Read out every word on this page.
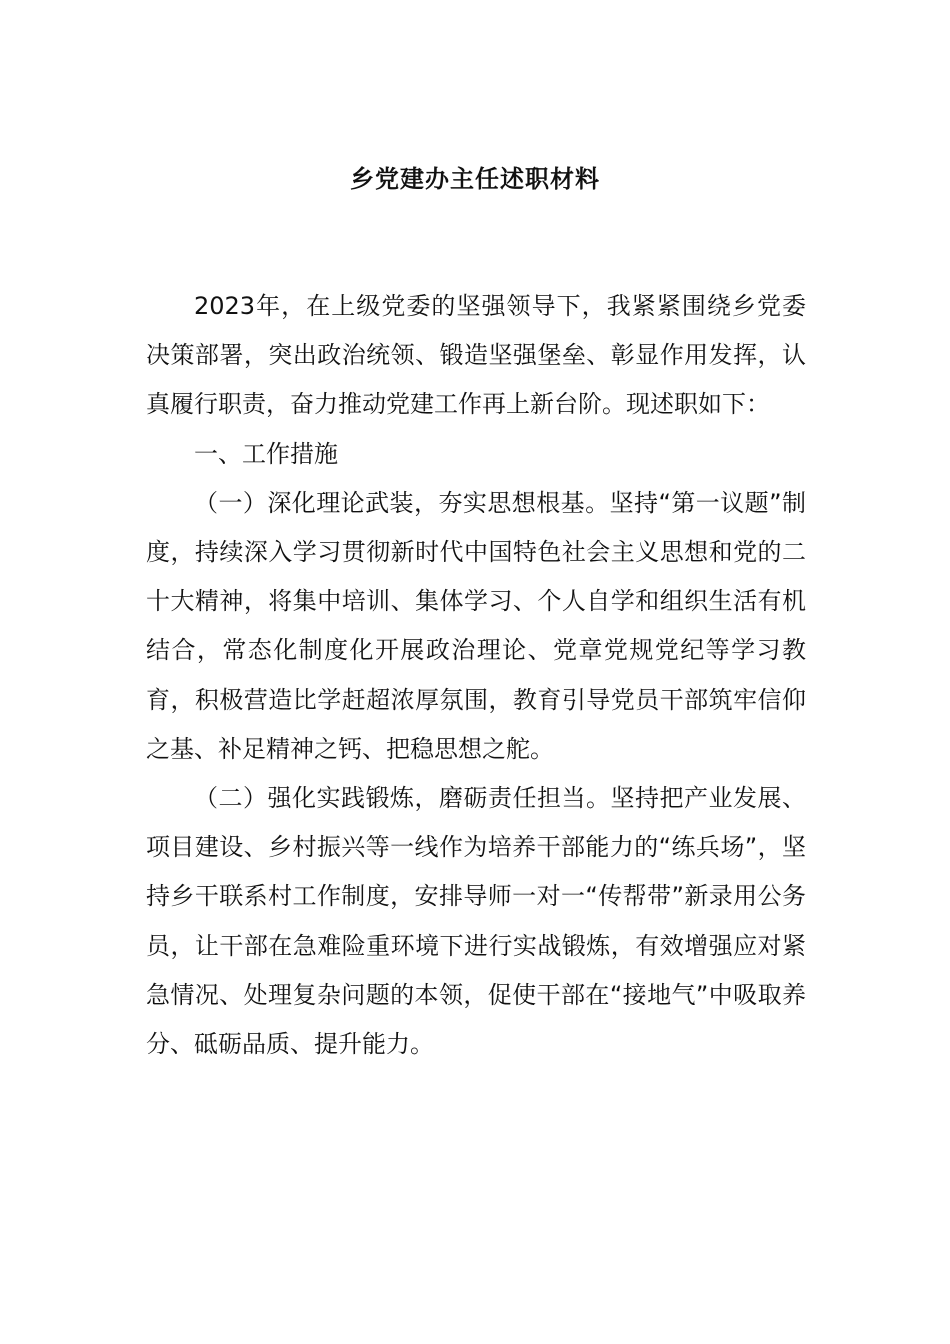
乡党建办主任述职材料

2023年，在上级党委的坚强领导下，我紧紧围绕乡党委决策部署，突出政治统领、锻造坚强堡垒、彰显作用发挥，认真履行职责，奋力推动党建工作再上新台阶。现述职如下：

一、工作措施

（一）深化理论武装，夯实思想根基。坚持“第一议题”制度，持续深入学习贯彻新时代中国特色社会主义思想和党的二十大精神，将集中培训、集体学习、个人自学和组织生活有机结合，常态化制度化开展政治理论、党章党规党纪等学习教育，积极营造比学赶超浓厚氛围，教育引导党员干部筑牢信仰之基、补足精神之钙、把稳思想之舵。

（二）强化实践锻炼，磨砺责任担当。坚持把产业发展、项目建设、乡村振兴等一线作为培养干部能力的“练兵场”，坚持乡干联系村工作制度，安排导师一对一“传帮带”新录用公务员，让干部在急难险重环境下进行实战锻炼，有效增强应对紧急情况、处理复杂问题的本领，促使干部在“接地气”中吸取养分、砥砺品质、提升能力。
